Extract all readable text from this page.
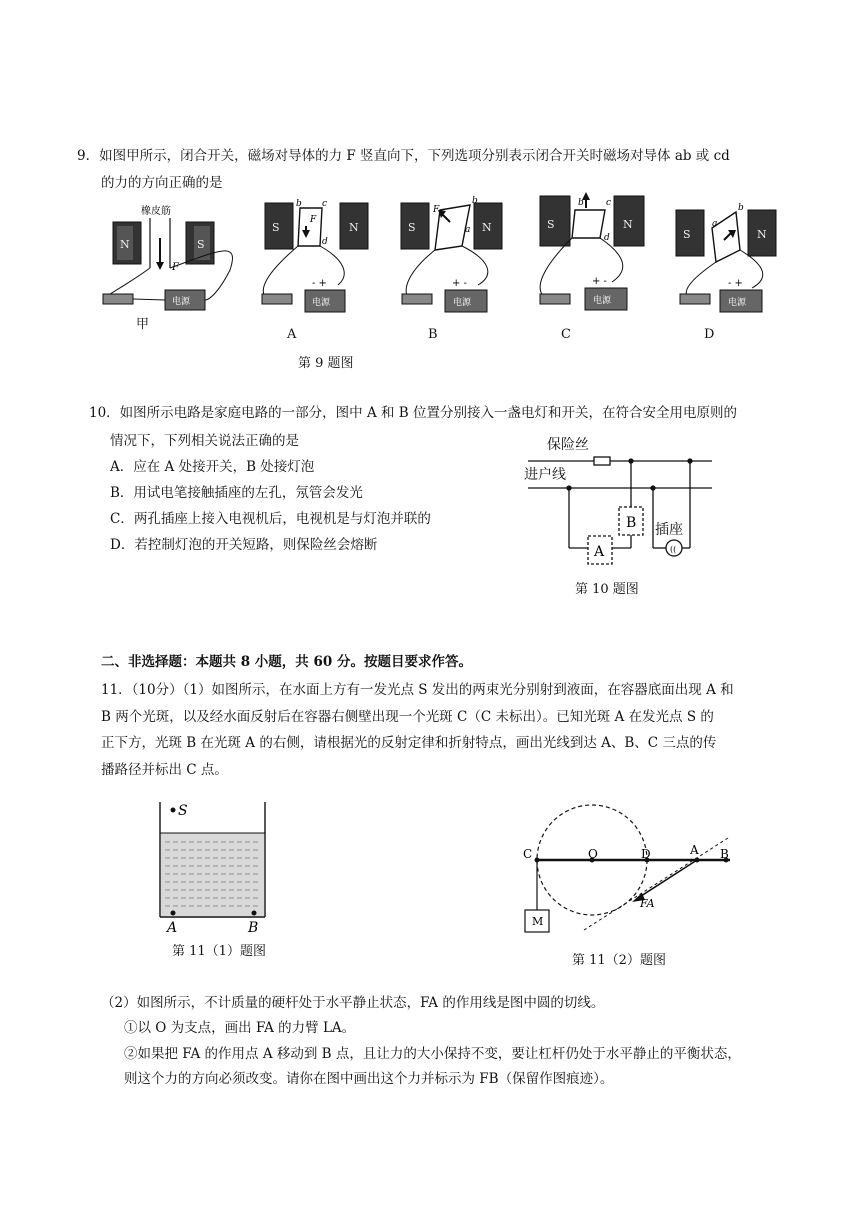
9．如图甲所示，闭合开关，磁场对导体的力 F 竖直向下，下列选项分别表示闭合开关时磁场对导体 ab 或 cd
的力的方向正确的是
N	S
橡皮筋
F
电源
S	N
b c
d
F
- +
电源
S	N
F
b
a
+ -
电源
S	N
b c
d
+ -
电源
S	N
a
b
- +
电源
B
A	((
S
A	B
C	O	D	A B
M
FA
甲
A	B	C	D
第 9 题图
10．如图所示电路是家庭电路的一部分，图中 A 和 B 位置分别接入一盏电灯和开关，在符合安全用电原则的
情况下，下列相关说法正确的是
A．应在 A 处接开关，B 处接灯泡
B．用试电笔接触插座的左孔，氖管会发光
C．两孔插座上接入电视机后，电视机是与灯泡并联的
D．若控制灯泡的开关短路，则保险丝会熔断
保险丝
进户线
插座
第 10 题图
二、非选择题：本题共 8 小题，共 60 分。按题目要求作答。
11．（10分）（1）如图所示，在水面上方有一发光点 S 发出的两束光分别射到液面，在容器底面出现 A 和
B 两个光斑，以及经水面反射后在容器右侧壁出现一个光斑 C（C 未标出）。已知光斑 A 在发光点 S 的
正下方，光斑 B 在光斑 A 的右侧，请根据光的反射定律和折射特点，画出光线到达 A、B、C 三点的传
播路径并标出 C 点。
第 11（1）题图
第 11（2）题图
（2）如图所示，不计质量的硬杆处于水平静止状态，FA 的作用线是图中圆的切线。
①以 O 为支点，画出 FA 的力臂 LA。
②如果把 FA 的作用点 A 移动到 B 点，且让力的大小保持不变，要让杠杆仍处于水平静止的平衡状态，
则这个力的方向必须改变。请你在图中画出这个力并标示为 FB（保留作图痕迹）。
